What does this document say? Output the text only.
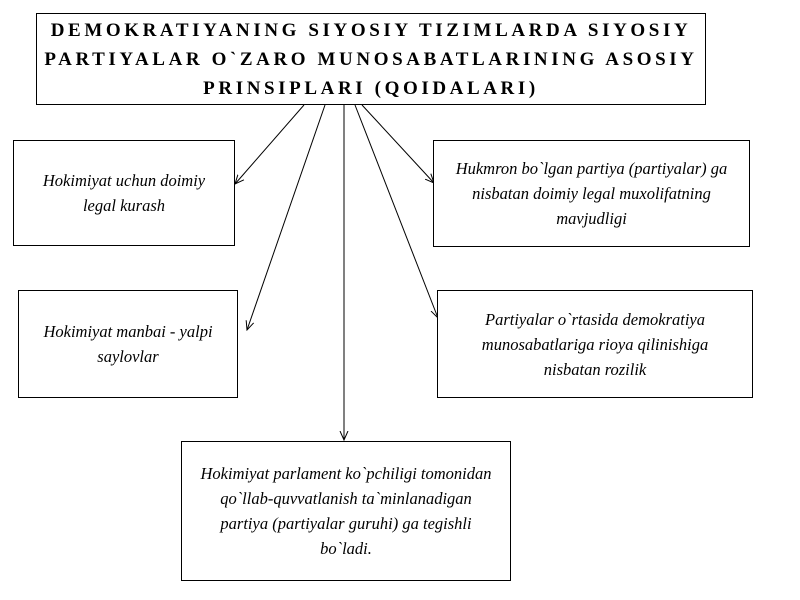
DEMOKRATIYANING SIYOSIY TIZIMLARDA SIYOSIY
PARTIYALAR O`ZARO MUNOSABATLARINING ASOSIY
PRINSIPLARI (QOIDALARI)
Hokimiyat uchun doimiy
legal kurash
Hukmron bo`lgan partiya (partiyalar) ga
nisbatan doimiy legal muxolifatning
mavjudligi
Hokimiyat manbai - yalpi
saylovlar
Partiyalar o`rtasida demokratiya
munosabatlariga rioya qilinishiga
nisbatan rozilik
Hokimiyat parlament ko`pchiligi tomonidan
qo`llab-quvvatlanish ta`minlanadigan
partiya (partiyalar guruhi) ga tegishli
bo`ladi.
